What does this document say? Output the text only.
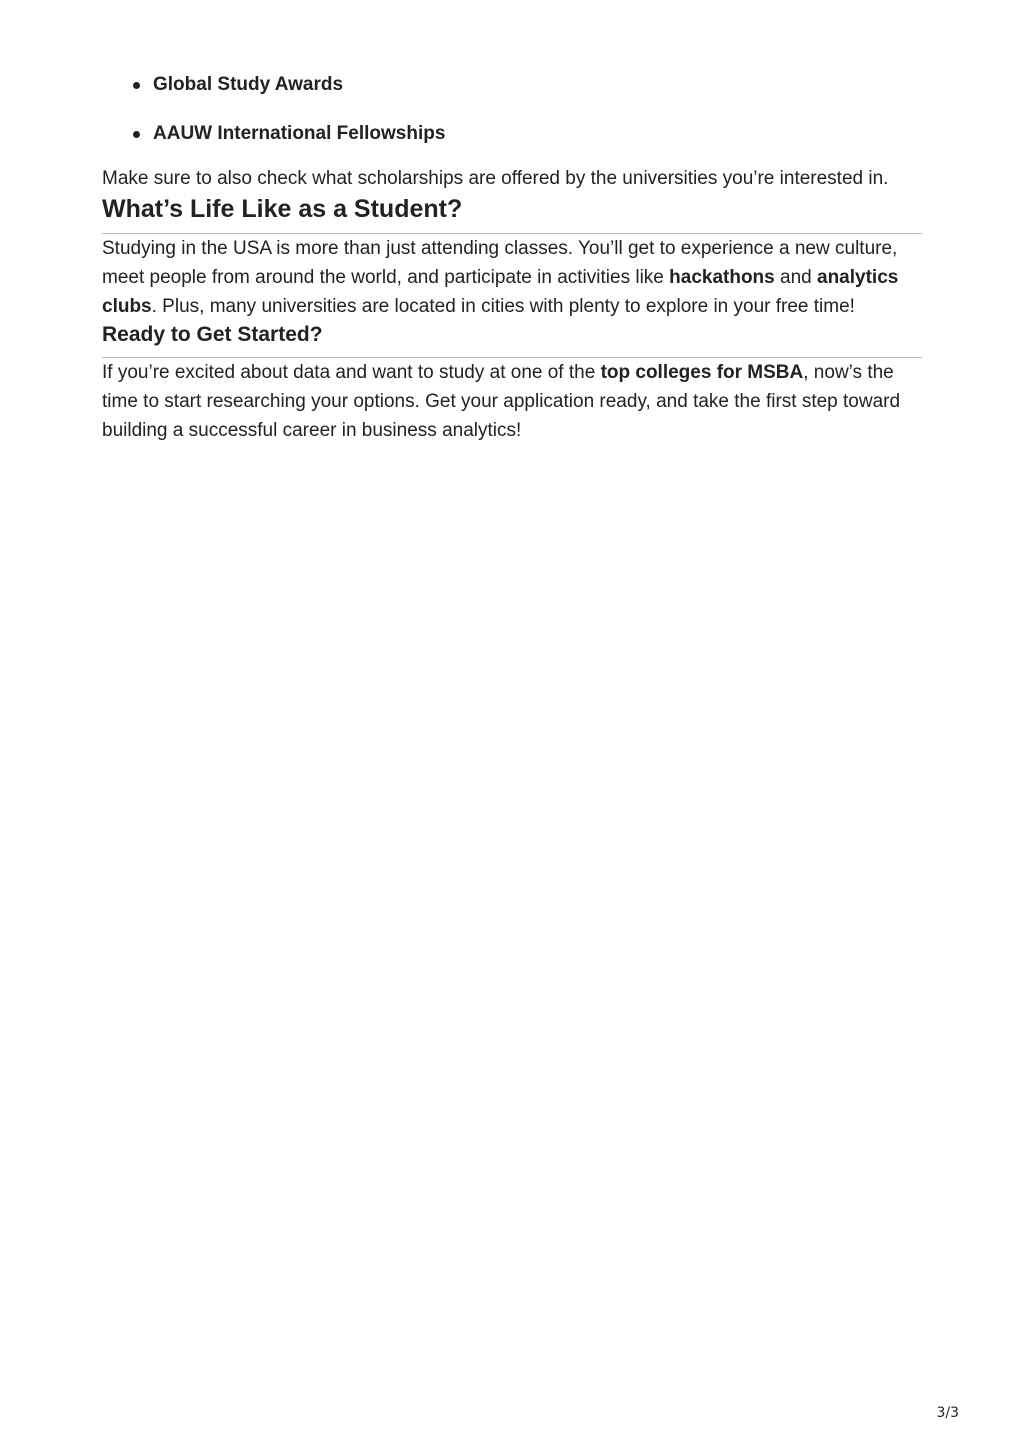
Global Study Awards
AAUW International Fellowships

Make sure to also check what scholarships are offered by the universities you’re interested in.

What’s Life Like as a Student?

Studying in the USA is more than just attending classes. You’ll get to experience a new culture, meet people from around the world, and participate in activities like hackathons and analytics clubs. Plus, many universities are located in cities with plenty to explore in your free time!

Ready to Get Started?

If you’re excited about data and want to study at one of the top colleges for MSBA, now’s the time to start researching your options. Get your application ready, and take the first step toward building a successful career in business analytics!

3/3
